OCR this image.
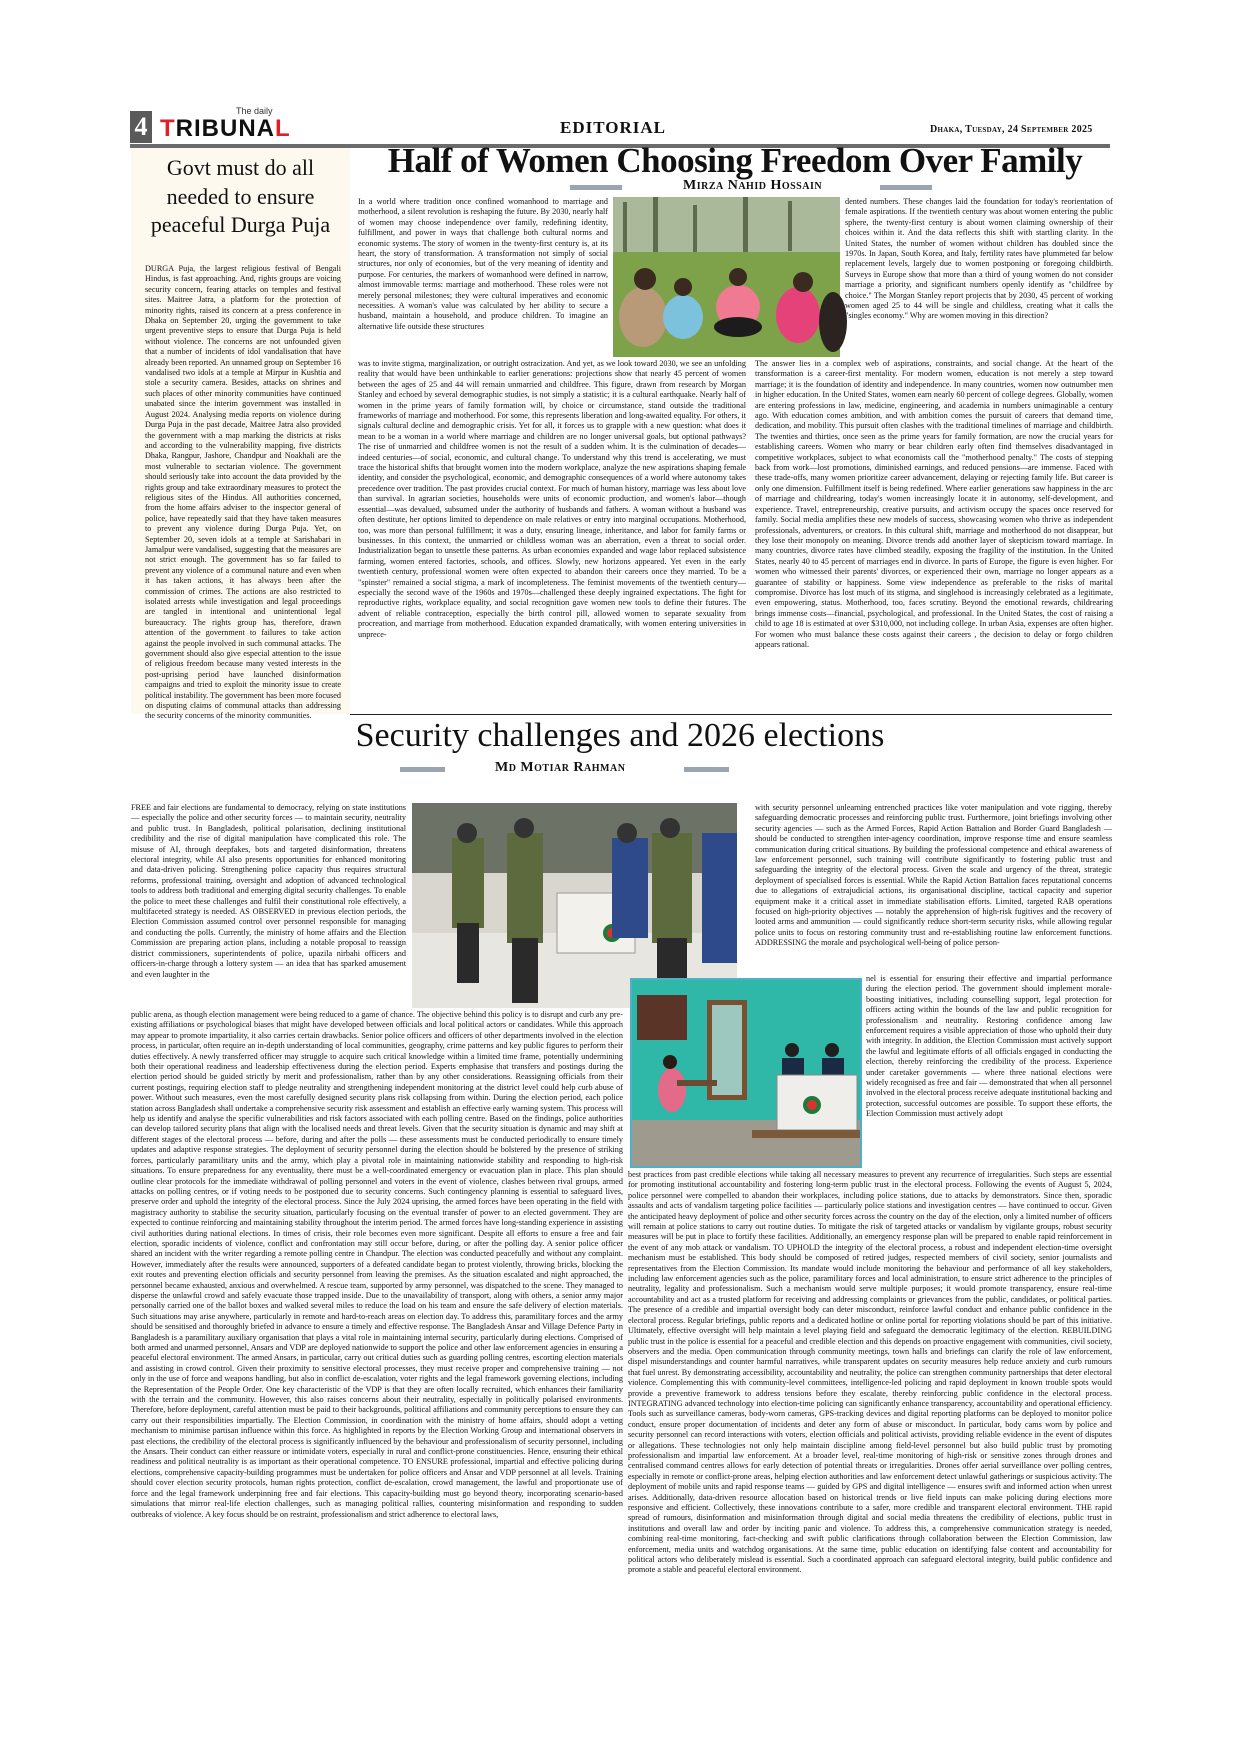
4
The daily
TRIBUNAL	EDITORIAL	Dhaka, Tuesday, 24 September 2025
Govt must do all needed to ensure peaceful Durga Puja
DURGA Puja, the largest religious festival of Bengali Hindus, is fast approaching. And, rights groups are voicing security concern, fearing attacks on temples and festival sites. Maitree Jatra, a platform for the protection of minority rights, raised its concern at a press conference in Dhaka on September 20, urging the government to take urgent preventive steps to ensure that Durga Puja is held without violence. The concerns are not unfounded given that a number of incidents of idol vandalisation that have already been reported. An unnamed group on September 16 vandalised two idols at a temple at Mirpur in Kushtia and stole a security camera. Besides, attacks on shrines and such places of other minority communities have continued unabated since the interim government was installed in August 2024. Analysing media reports on violence during Durga Puja in the past decade, Maitree Jatra also provided the government with a map marking the districts at risks and according to the vulnerability mapping, five districts Dhaka, Rangpur, Jashore, Chandpur and Noakhali are the most vulnerable to sectarian violence. The government should seriously take into account the data provided by the rights group and take extraordinary measures to protect the religious sites of the Hindus. All authorities concerned, from the home affairs adviser to the inspector general of police, have repeatedly said that they have taken measures to prevent any violence during Durga Puja. Yet, on September 20, seven idols at a temple at Sarishabari in Jamalpur were vandalised, suggesting that the measures are not strict enough. The government has so far failed to prevent any violence of a communal nature and even when it has taken actions, it has always been after the commission of crimes. The actions are also restricted to isolated arrests while investigation and legal proceedings are tangled in intentional and unintentional legal bureaucracy. The rights group has, therefore, drawn attention of the government to failures to take action against the people involved in such communal attacks. The government should also give especial attention to the issue of religious freedom because many vested interests in the post-uprising period have launched disinformation campaigns and tried to exploit the minority issue to create political instability. The government has been more focused on disputing claims of communal attacks than addressing the security concerns of the minority communities.
Half of Women Choosing Freedom Over Family
Mirza Nahid Hossain
In a world where tradition once confined womanhood to marriage and motherhood, a silent revolution is reshaping the future. By 2030, nearly half of women may choose independence over family, redefining identity, fulfillment, and power in ways that challenge both cultural norms and economic systems. The story of women in the twenty-first century is, at its heart, the story of transformation. A transformation not simply of social structures, nor only of economies, but of the very meaning of identity and purpose. For centuries, the markers of womanhood were defined in narrow, almost immovable terms: marriage and motherhood. These roles were not merely personal milestones; they were cultural imperatives and economic necessities. A woman's value was calculated by her ability to secure a husband, maintain a household, and produce children. To imagine an alternative life outside these structures
was to invite stigma, marginalization, or outright ostracization. And yet, as we look toward 2030, we see an unfolding reality that would have been unthinkable to earlier generations: projections show that nearly 45 percent of women between the ages of 25 and 44 will remain unmarried and childfree. This figure, drawn from research by Morgan Stanley and echoed by several demographic studies, is not simply a statistic; it is a cultural earthquake. Nearly half of women in the prime years of family formation will, by choice or circumstance, stand outside the traditional frameworks of marriage and motherhood. For some, this represents liberation and long-awaited equality. For others, it signals cultural decline and demographic crisis. Yet for all, it forces us to grapple with a new question: what does it mean to be a woman in a world where marriage and children are no longer universal goals, but optional pathways? The rise of unmarried and childfree women is not the result of a sudden whim. It is the culmination of decades—indeed centuries—of social, economic, and cultural change. To understand why this trend is accelerating, we must trace the historical shifts that brought women into the modern workplace, analyze the new aspirations shaping female identity, and consider the psychological, economic, and demographic consequences of a world where autonomy takes precedence over tradition. The past provides crucial context. For much of human history, marriage was less about love than survival. In agrarian societies, households were units of economic production, and women's labor—though essential—was devalued, subsumed under the authority of husbands and fathers. A woman without a husband was often destitute, her options limited to dependence on male relatives or entry into marginal occupations. Motherhood, too, was more than personal fulfillment; it was a duty, ensuring lineage, inheritance, and labor for family farms or businesses. In this context, the unmarried or childless woman was an aberration, even a threat to social order. Industrialization began to unsettle these patterns. As urban economies expanded and wage labor replaced subsistence farming, women entered factories, schools, and offices. Slowly, new horizons appeared. Yet even in the early twentieth century, professional women were often expected to abandon their careers once they married. To be a "spinster" remained a social stigma, a mark of incompleteness. The feminist movements of the twentieth century—especially the second wave of the 1960s and 1970s—challenged these deeply ingrained expectations. The fight for reproductive rights, workplace equality, and social recognition gave women new tools to define their futures. The advent of reliable contraception, especially the birth control pill, allowed women to separate sexuality from procreation, and marriage from motherhood. Education expanded dramatically, with women entering universities in unprece-
dented numbers. These changes laid the foundation for today's reorientation of female aspirations. If the twentieth century was about women entering the public sphere, the twenty-first century is about women claiming ownership of their choices within it. And the data reflects this shift with startling clarity. In the United States, the number of women without children has doubled since the 1970s. In Japan, South Korea, and Italy, fertility rates have plummeted far below replacement levels, largely due to women postponing or foregoing childbirth. Surveys in Europe show that more than a third of young women do not consider marriage a priority, and significant numbers openly identify as "childfree by choice." The Morgan Stanley report projects that by 2030, 45 percent of working women aged 25 to 44 will be single and childless, creating what it calls the "singles economy." Why are women moving in this direction?
The answer lies in a complex web of aspirations, constraints, and social change. At the heart of the transformation is a career-first mentality. For modern women, education is not merely a step toward marriage; it is the foundation of identity and independence. In many countries, women now outnumber men in higher education. In the United States, women earn nearly 60 percent of college degrees. Globally, women are entering professions in law, medicine, engineering, and academia in numbers unimaginable a century ago. With education comes ambition, and with ambition comes the pursuit of careers that demand time, dedication, and mobility. This pursuit often clashes with the traditional timelines of marriage and childbirth. The twenties and thirties, once seen as the prime years for family formation, are now the crucial years for establishing careers. Women who marry or bear children early often find themselves disadvantaged in competitive workplaces, subject to what economists call the "motherhood penalty." The costs of stepping back from work—lost promotions, diminished earnings, and reduced pensions—are immense. Faced with these trade-offs, many women prioritize career advancement, delaying or rejecting family life. But career is only one dimension. Fulfillment itself is being redefined. Where earlier generations saw happiness in the arc of marriage and childrearing, today's women increasingly locate it in autonomy, self-development, and experience. Travel, entrepreneurship, creative pursuits, and activism occupy the spaces once reserved for family. Social media amplifies these new models of success, showcasing women who thrive as independent professionals, adventurers, or creators. In this cultural shift, marriage and motherhood do not disappear, but they lose their monopoly on meaning. Divorce trends add another layer of skepticism toward marriage. In many countries, divorce rates have climbed steadily, exposing the fragility of the institution. In the United States, nearly 40 to 45 percent of marriages end in divorce. In parts of Europe, the figure is even higher. For women who witnessed their parents' divorces, or experienced their own, marriage no longer appears as a guarantee of stability or happiness. Some view independence as preferable to the risks of marital compromise. Divorce has lost much of its stigma, and singlehood is increasingly celebrated as a legitimate, even empowering, status. Motherhood, too, faces scrutiny. Beyond the emotional rewards, childrearing brings immense costs—financial, psychological, and professional. In the United States, the cost of raising a child to age 18 is estimated at over $310,000, not including college. In urban Asia, expenses are often higher. For women who must balance these costs against their careers , the decision to delay or forgo children appears rational.
Security challenges and 2026 elections
Md Motiar Rahman
FREE and fair elections are fundamental to democracy, relying on state institutions — especially the police and other security forces — to maintain security, neutrality and public trust. In Bangladesh, political polarisation, declining institutional credibility and the rise of digital manipulation have complicated this role. The misuse of AI, through deepfakes, bots and targeted disinformation, threatens electoral integrity, while AI also presents opportunities for enhanced monitoring and data-driven policing. Strengthening police capacity thus requires structural reforms, professional training, oversight and adoption of advanced technological tools to address both traditional and emerging digital security challenges. To enable the police to meet these challenges and fulfil their constitutional role effectively, a multifaceted strategy is needed. AS OBSERVED in previous election periods, the Election Commission assumed control over personnel responsible for managing and conducting the polls. Currently, the ministry of home affairs and the Election Commission are preparing action plans, including a notable proposal to reassign district commissioners, superintendents of police, upazila nirbahi officers and officers-in-charge through a lottery system — an idea that has sparked amusement and even laughter in the
public arena, as though election management were being reduced to a game of chance. The objective behind this policy is to disrupt and curb any pre-existing affiliations or psychological biases that might have developed between officials and local political actors or candidates. While this approach may appear to promote impartiality, it also carries certain drawbacks. Senior police officers and officers of other departments involved in the election process, in particular, often require an in-depth understanding of local communities, geography, crime patterns and key public figures to perform their duties effectively. A newly transferred officer may struggle to acquire such critical knowledge within a limited time frame, potentially undermining both their operational readiness and leadership effectiveness during the election period. Experts emphasise that transfers and postings during the election period should be guided strictly by merit and professionalism, rather than by any other considerations. Reassigning officials from their current postings, requiring election staff to pledge neutrality and strengthening independent monitoring at the district level could help curb abuse of power. Without such measures, even the most carefully designed security plans risk collapsing from within. During the election period, each police station across Bangladesh shall undertake a comprehensive security risk assessment and establish an effective early warning system. This process will help us identify and analyse the specific vulnerabilities and risk factors associated with each polling centre. Based on the findings, police authorities can develop tailored security plans that align with the localised needs and threat levels. Given that the security situation is dynamic and may shift at different stages of the electoral process — before, during and after the polls — these assessments must be conducted periodically to ensure timely updates and adaptive response strategies. The deployment of security personnel during the election should be bolstered by the presence of striking forces, particularly paramilitary units and the army, which play a pivotal role in maintaining nationwide stability and responding to high-risk situations. To ensure preparedness for any eventuality, there must be a well-coordinated emergency or evacuation plan in place. This plan should outline clear protocols for the immediate withdrawal of polling personnel and voters in the event of violence, clashes between rival groups, armed attacks on polling centres, or if voting needs to be postponed due to security concerns. Such contingency planning is essential to safeguard lives, preserve order and uphold the integrity of the electoral process. Since the July 2024 uprising, the armed forces have been operating in the field with magistracy authority to stabilise the security situation, particularly focusing on the eventual transfer of power to an elected government. They are expected to continue reinforcing and maintaining stability throughout the interim period. The armed forces have long-standing experience in assisting civil authorities during national elections. In times of crisis, their role becomes even more significant. Despite all efforts to ensure a free and fair election, sporadic incidents of violence, conflict and confrontation may still occur before, during, or after the polling day. A senior police officer shared an incident with the writer regarding a remote polling centre in Chandpur. The election was conducted peacefully and without any complaint. However, immediately after the results were announced, supporters of a defeated candidate began to protest violently, throwing bricks, blocking the exit routes and preventing election officials and security personnel from leaving the premises. As the situation escalated and night approached, the personnel became exhausted, anxious and overwhelmed. A rescue team, supported by army personnel, was dispatched to the scene. They managed to disperse the unlawful crowd and safely evacuate those trapped inside. Due to the unavailability of transport, along with others, a senior army major personally carried one of the ballot boxes and walked several miles to reduce the load on his team and ensure the safe delivery of election materials. Such situations may arise anywhere, particularly in remote and hard-to-reach areas on election day. To address this, paramilitary forces and the army should be sensitised and thoroughly briefed in advance to ensure a timely and effective response. The Bangladesh Ansar and Village Defence Party in Bangladesh is a paramilitary auxiliary organisation that plays a vital role in maintaining internal security, particularly during elections. Comprised of both armed and unarmed personnel, Ansars and VDP are deployed nationwide to support the police and other law enforcement agencies in ensuring a peaceful electoral environment. The armed Ansars, in particular, carry out critical duties such as guarding polling centres, escorting election materials and assisting in crowd control. Given their proximity to sensitive electoral processes, they must receive proper and comprehensive training — not only in the use of force and weapons handling, but also in conflict de-escalation, voter rights and the legal framework governing elections, including the Representation of the People Order. One key characteristic of the VDP is that they are often locally recruited, which enhances their familiarity with the terrain and the community. However, this also raises concerns about their neutrality, especially in politically polarised environments. Therefore, before deployment, careful attention must be paid to their backgrounds, political affiliations and community perceptions to ensure they can carry out their responsibilities impartially. The Election Commission, in coordination with the ministry of home affairs, should adopt a vetting mechanism to minimise partisan influence within this force. As highlighted in reports by the Election Working Group and international observers in past elections, the credibility of the electoral process is significantly influenced by the behaviour and professionalism of security personnel, including the Ansars. Their conduct can either reassure or intimidate voters, especially in rural and conflict-prone constituencies. Hence, ensuring their ethical readiness and political neutrality is as important as their operational competence. TO ENSURE professional, impartial and effective policing during elections, comprehensive capacity-building programmes must be undertaken for police officers and Ansar and VDP personnel at all levels. Training should cover election security protocols, human rights protection, conflict de-escalation, crowd management, the lawful and proportionate use of force and the legal framework underpinning free and fair elections. This capacity-building must go beyond theory, incorporating scenario-based simulations that mirror real-life election challenges, such as managing political rallies, countering misinformation and responding to sudden outbreaks of violence. A key focus should be on restraint, professionalism and strict adherence to electoral laws,
with security personnel unlearning entrenched practices like voter manipulation and vote rigging, thereby safeguarding democratic processes and reinforcing public trust. Furthermore, joint briefings involving other security agencies — such as the Armed Forces, Rapid Action Battalion and Border Guard Bangladesh — should be conducted to strengthen inter-agency coordination, improve response time and ensure seamless communication during critical situations. By building the professional competence and ethical awareness of law enforcement personnel, such training will contribute significantly to fostering public trust and safeguarding the integrity of the electoral process. Given the scale and urgency of the threat, strategic deployment of specialised forces is essential. While the Rapid Action Battalion faces reputational concerns due to allegations of extrajudicial actions, its organisational discipline, tactical capacity and superior equipment make it a critical asset in immediate stabilisation efforts. Limited, targeted RAB operations focused on high-priority objectives — notably the apprehension of high-risk fugitives and the recovery of looted arms and ammunition — could significantly reduce short-term security risks, while allowing regular police units to focus on restoring community trust and re-establishing routine law enforcement functions. ADDRESSING the morale and psychological well-being of police person-
nel is essential for ensuring their effective and impartial performance during the election period. The government should implement morale-boosting initiatives, including counselling support, legal protection for officers acting within the bounds of the law and public recognition for professionalism and neutrality. Restoring confidence among law enforcement requires a visible appreciation of those who uphold their duty with integrity. In addition, the Election Commission must actively support the lawful and legitimate efforts of all officials engaged in conducting the election, thereby reinforcing the credibility of the process. Experience under caretaker governments — where three national elections were widely recognised as free and fair — demonstrated that when all personnel involved in the electoral process receive adequate institutional backing and protection, successful outcomes are possible. To support these efforts, the Election Commission must actively adopt
best practices from past credible elections while taking all necessary measures to prevent any recurrence of irregularities. Such steps are essential for promoting institutional accountability and fostering long-term public trust in the electoral process. Following the events of August 5, 2024, police personnel were compelled to abandon their workplaces, including police stations, due to attacks by demonstrators. Since then, sporadic assaults and acts of vandalism targeting police facilities — particularly police stations and investigation centres — have continued to occur. Given the anticipated heavy deployment of police and other security forces across the country on the day of the election, only a limited number of officers will remain at police stations to carry out routine duties. To mitigate the risk of targeted attacks or vandalism by vigilante groups, robust security measures will be put in place to fortify these facilities. Additionally, an emergency response plan will be prepared to enable rapid reinforcement in the event of any mob attack or vandalism. TO UPHOLD the integrity of the electoral process, a robust and independent election-time oversight mechanism must be established. This body should be composed of retired judges, respected members of civil society, senior journalists and representatives from the Election Commission. Its mandate would include monitoring the behaviour and performance of all key stakeholders, including law enforcement agencies such as the police, paramilitary forces and local administration, to ensure strict adherence to the principles of neutrality, legality and professionalism. Such a mechanism would serve multiple purposes; it would promote transparency, ensure real-time accountability and act as a trusted platform for receiving and addressing complaints or grievances from the public, candidates, or political parties. The presence of a credible and impartial oversight body can deter misconduct, reinforce lawful conduct and enhance public confidence in the electoral process. Regular briefings, public reports and a dedicated hotline or online portal for reporting violations should be part of this initiative. Ultimately, effective oversight will help maintain a level playing field and safeguard the democratic legitimacy of the election. REBUILDING public trust in the police is essential for a peaceful and credible election and this depends on proactive engagement with communities, civil society, observers and the media. Open communication through community meetings, town halls and briefings can clarify the role of law enforcement, dispel misunderstandings and counter harmful narratives, while transparent updates on security measures help reduce anxiety and curb rumours that fuel unrest. By demonstrating accessibility, accountability and neutrality, the police can strengthen community partnerships that deter electoral violence. Complementing this with community-level committees, intelligence-led policing and rapid deployment in known trouble spots would provide a preventive framework to address tensions before they escalate, thereby reinforcing public confidence in the electoral process. INTEGRATING advanced technology into election-time policing can significantly enhance transparency, accountability and operational efficiency. Tools such as surveillance cameras, body-worn cameras, GPS-tracking devices and digital reporting platforms can be deployed to monitor police conduct, ensure proper documentation of incidents and deter any form of abuse or misconduct. In particular, body cams worn by police and security personnel can record interactions with voters, election officials and political activists, providing reliable evidence in the event of disputes or allegations. These technologies not only help maintain discipline among field-level personnel but also build public trust by promoting professionalism and impartial law enforcement. At a broader level, real-time monitoring of high-risk or sensitive zones through drones and centralised command centres allows for early detection of potential threats or irregularities. Drones offer aerial surveillance over polling centres, especially in remote or conflict-prone areas, helping election authorities and law enforcement detect unlawful gatherings or suspicious activity. The deployment of mobile units and rapid response teams — guided by GPS and digital intelligence — ensures swift and informed action when unrest arises. Additionally, data-driven resource allocation based on historical trends or live field inputs can make policing during elections more responsive and efficient. Collectively, these innovations contribute to a safer, more credible and transparent electoral environment. THE rapid spread of rumours, disinformation and misinformation through digital and social media threatens the credibility of elections, public trust in institutions and overall law and order by inciting panic and violence. To address this, a comprehensive communication strategy is needed, combining real-time monitoring, fact-checking and swift public clarifications through collaboration between the Election Commission, law enforcement, media units and watchdog organisations. At the same time, public education on identifying false content and accountability for political actors who deliberately mislead is essential. Such a coordinated approach can safeguard electoral integrity, build public confidence and promote a stable and peaceful electoral environment.
